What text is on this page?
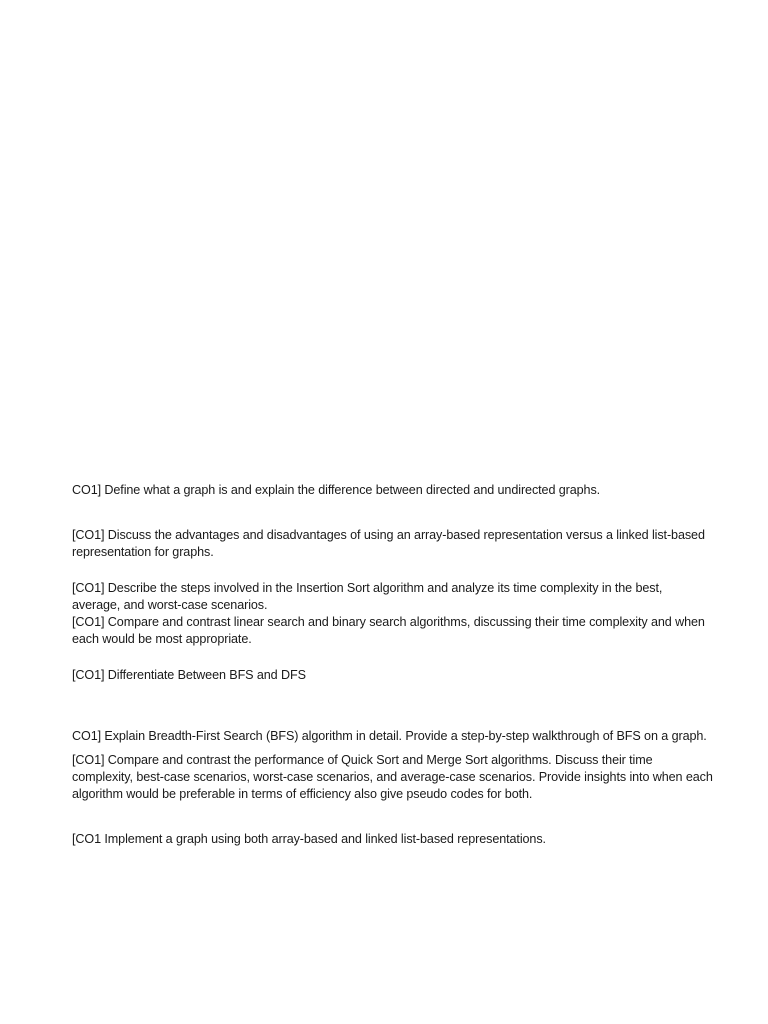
CO1] Define what a graph is and explain the difference between directed and undirected graphs.

[CO1] Discuss the advantages and disadvantages of using an array-based representation versus a linked list-based
representation for graphs.

[CO1] Describe the steps involved in the Insertion Sort algorithm and analyze its time complexity in the best,
average, and worst-case scenarios.

[CO1] Compare and contrast linear search and binary search algorithms, discussing their time complexity and when
each would be most appropriate.

[CO1] Differentiate Between BFS and DFS

CO1] Explain Breadth-First Search (BFS) algorithm in detail. Provide a step-by-step walkthrough of BFS on a graph.

[CO1] Compare and contrast the performance of Quick Sort and Merge Sort algorithms. Discuss their time
complexity, best-case scenarios, worst-case scenarios, and average-case scenarios. Provide insights into when each
algorithm would be preferable in terms of efficiency also give pseudo codes for both.

[CO1 Implement a graph using both array-based and linked list-based representations.
